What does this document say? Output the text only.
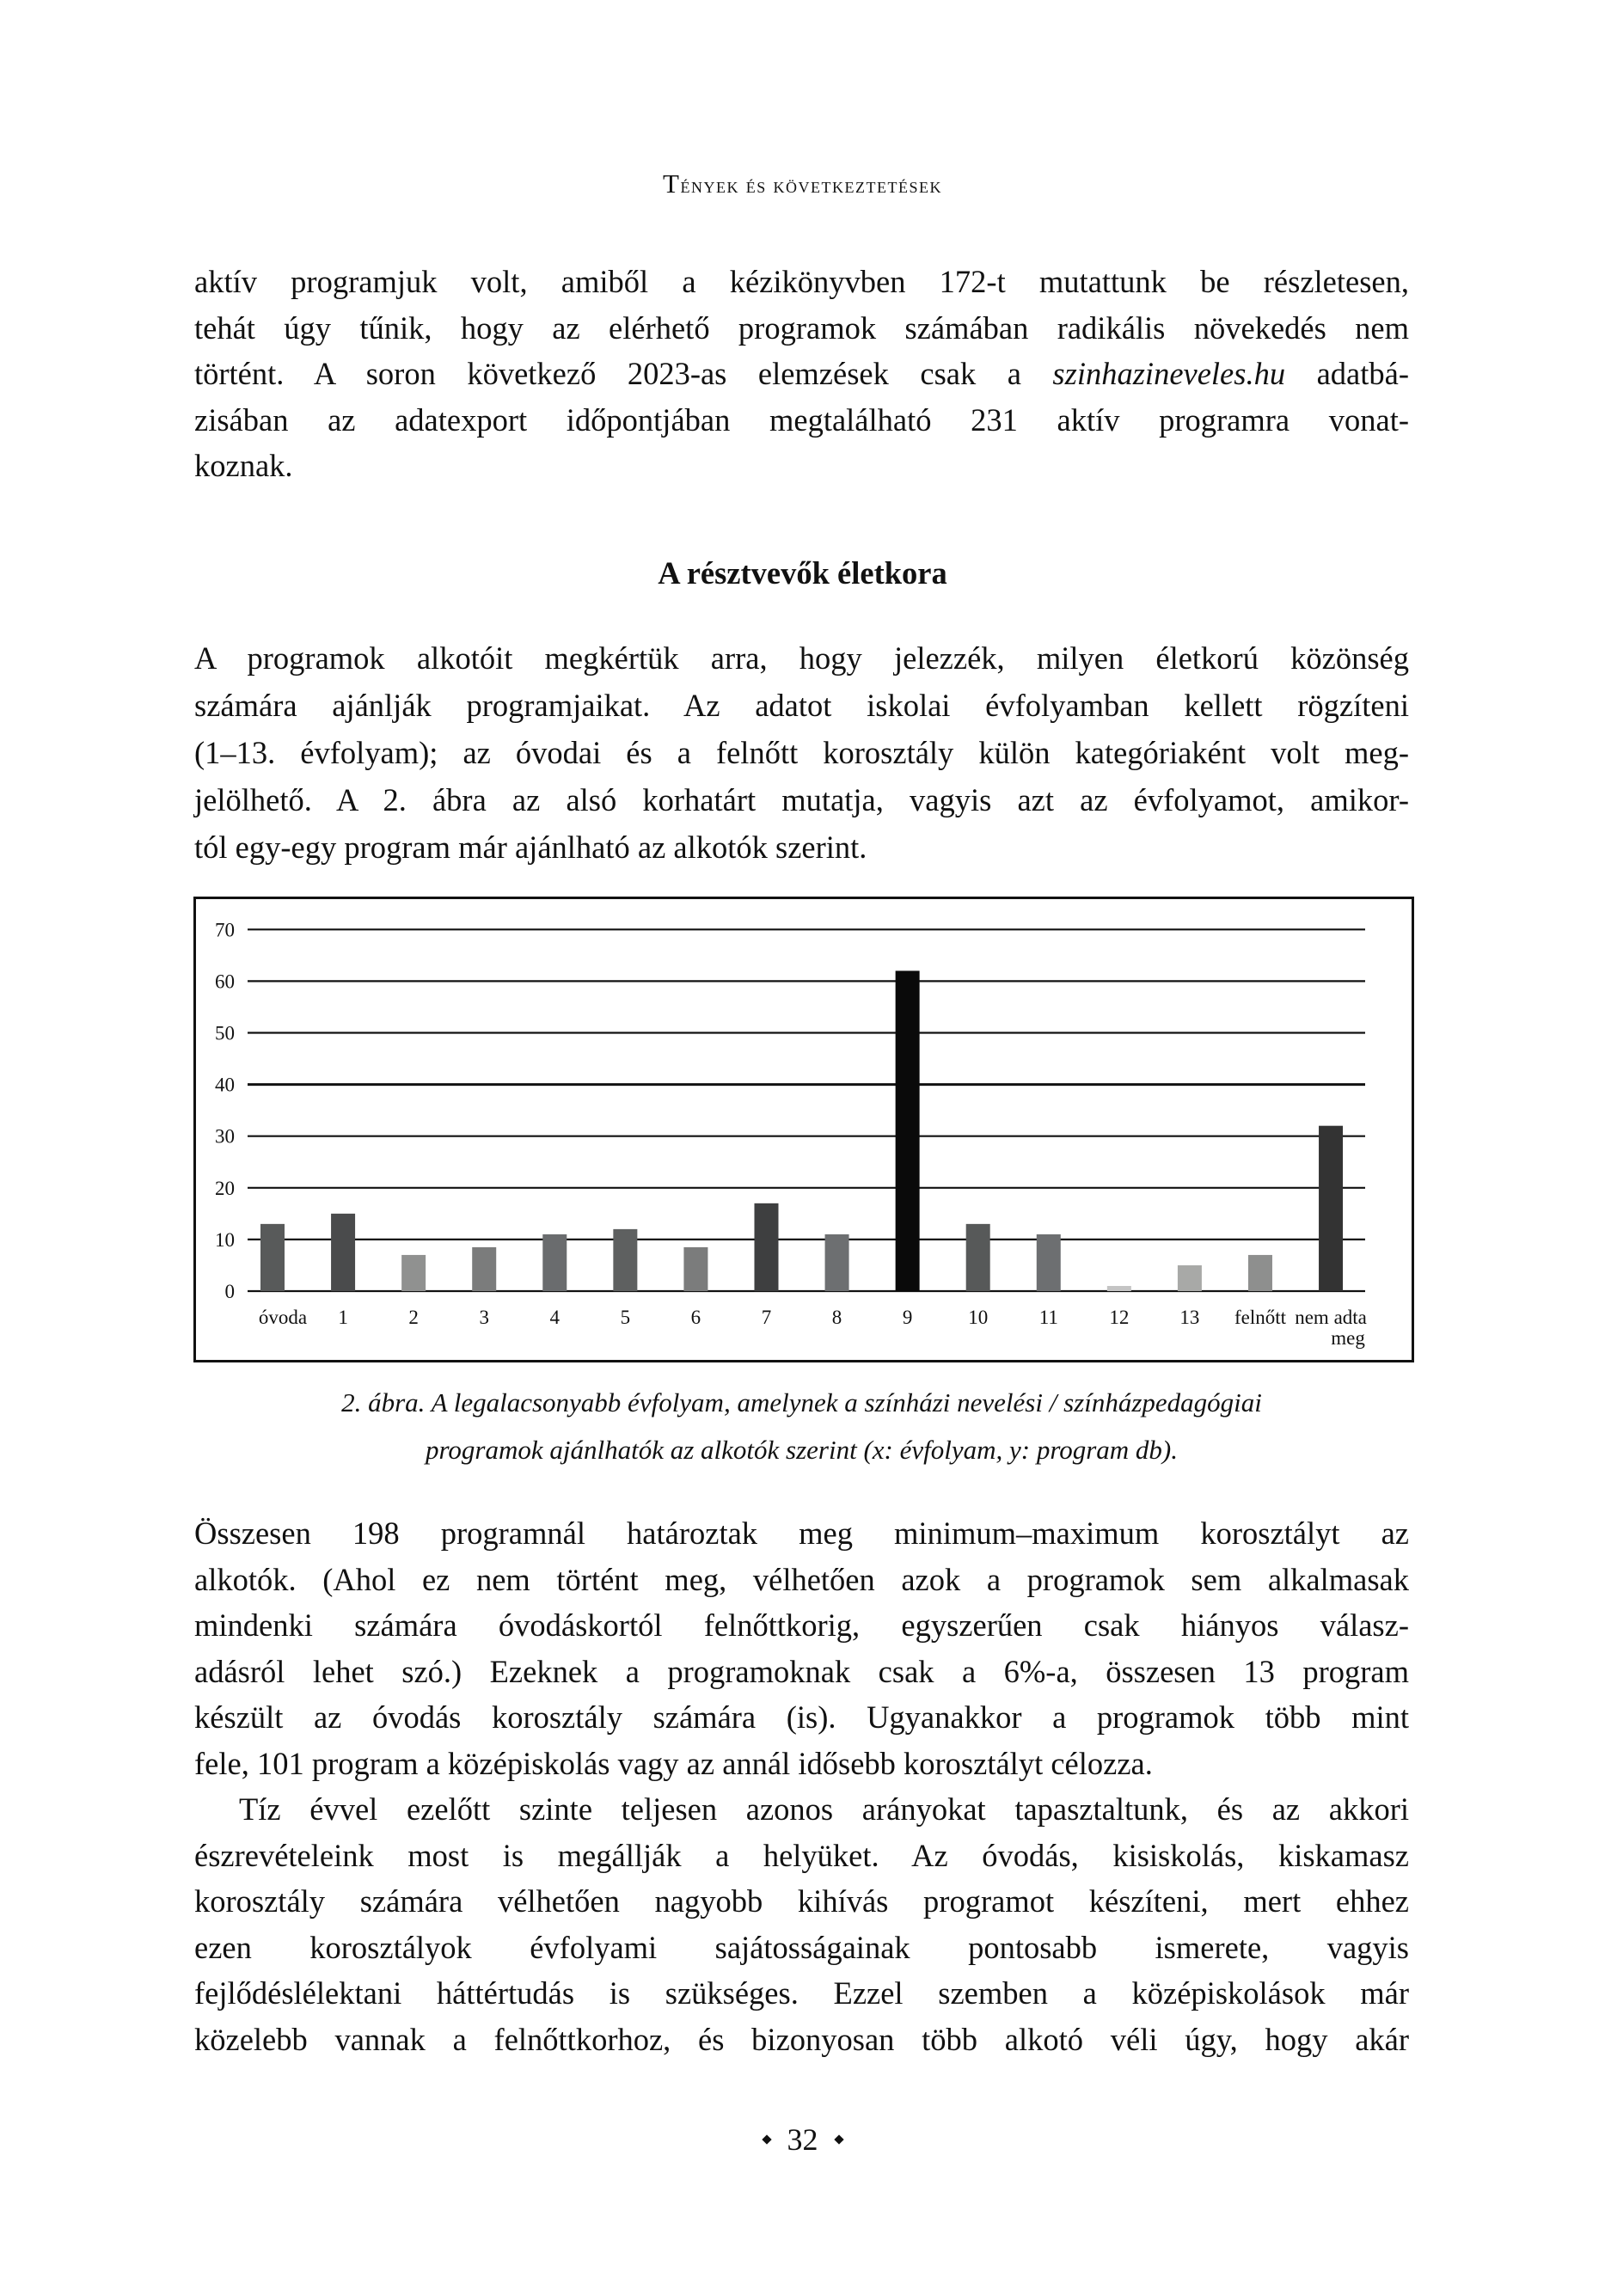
Tények és következtetések
aktív programjuk volt, amiből a kézikönyvben 172-t mutattunk be részletesen,
tehát úgy tűnik, hogy az elérhető programok számában radikális növekedés nem
történt. A soron következő 2023-as elemzések csak a szinhazineveles.hu adatbá-
zisában az adatexport időpontjában megtalálható 231 aktív programra vonat-
koznak.
A résztvevők életkora
A programok alkotóit megkértük arra, hogy jelezzék, milyen életkorú közönség
számára ajánlják programjaikat. Az adatot iskolai évfolyamban kellett rögzíteni
(1–13. évfolyam); az óvodai és a felnőtt korosztály külön kategóriaként volt meg-
jelölhető. A 2. ábra az alsó korhatárt mutatja, vagyis azt az évfolyamot, amikor-
tól egy-egy program már ajánlható az alkotók szerint.
0
10
20
30
40
50
60
70
óvoda 1	2	3	4	5	6	7	8	9	10	11	12	13 felnőtt nem adta
meg
2. ábra. A legalacsonyabb évfolyam, amelynek a színházi nevelési / színházpedagógiai
programok ajánlhatók az alkotók szerint (x: évfolyam, y: program db).
Összesen 198 programnál határoztak meg minimum–maximum korosztályt az
alkotók. (Ahol ez nem történt meg, vélhetően azok a programok sem alkalmasak
mindenki számára óvodáskortól felnőttkorig, egyszerűen csak hiányos válasz-
adásról lehet szó.) Ezeknek a programoknak csak a 6%-a, összesen 13 program
készült az óvodás korosztály számára (is). Ugyanakkor a programok több mint
fele, 101 program a középiskolás vagy az annál idősebb korosztályt célozza.
Tíz évvel ezelőtt szinte teljesen azonos arányokat tapasztaltunk, és az akkori
észrevételeink most is megállják a helyüket. Az óvodás, kisiskolás, kiskamasz
korosztály számára vélhetően nagyobb kihívás programot készíteni, mert ehhez
ezen korosztályok évfolyami sajátosságainak pontosabb ismerete, vagyis
fejlődéslélektani háttértudás is szükséges. Ezzel szemben a középiskolások már
közelebb vannak a felnőttkorhoz, és bizonyosan több alkotó véli úgy, hogy akár
32
